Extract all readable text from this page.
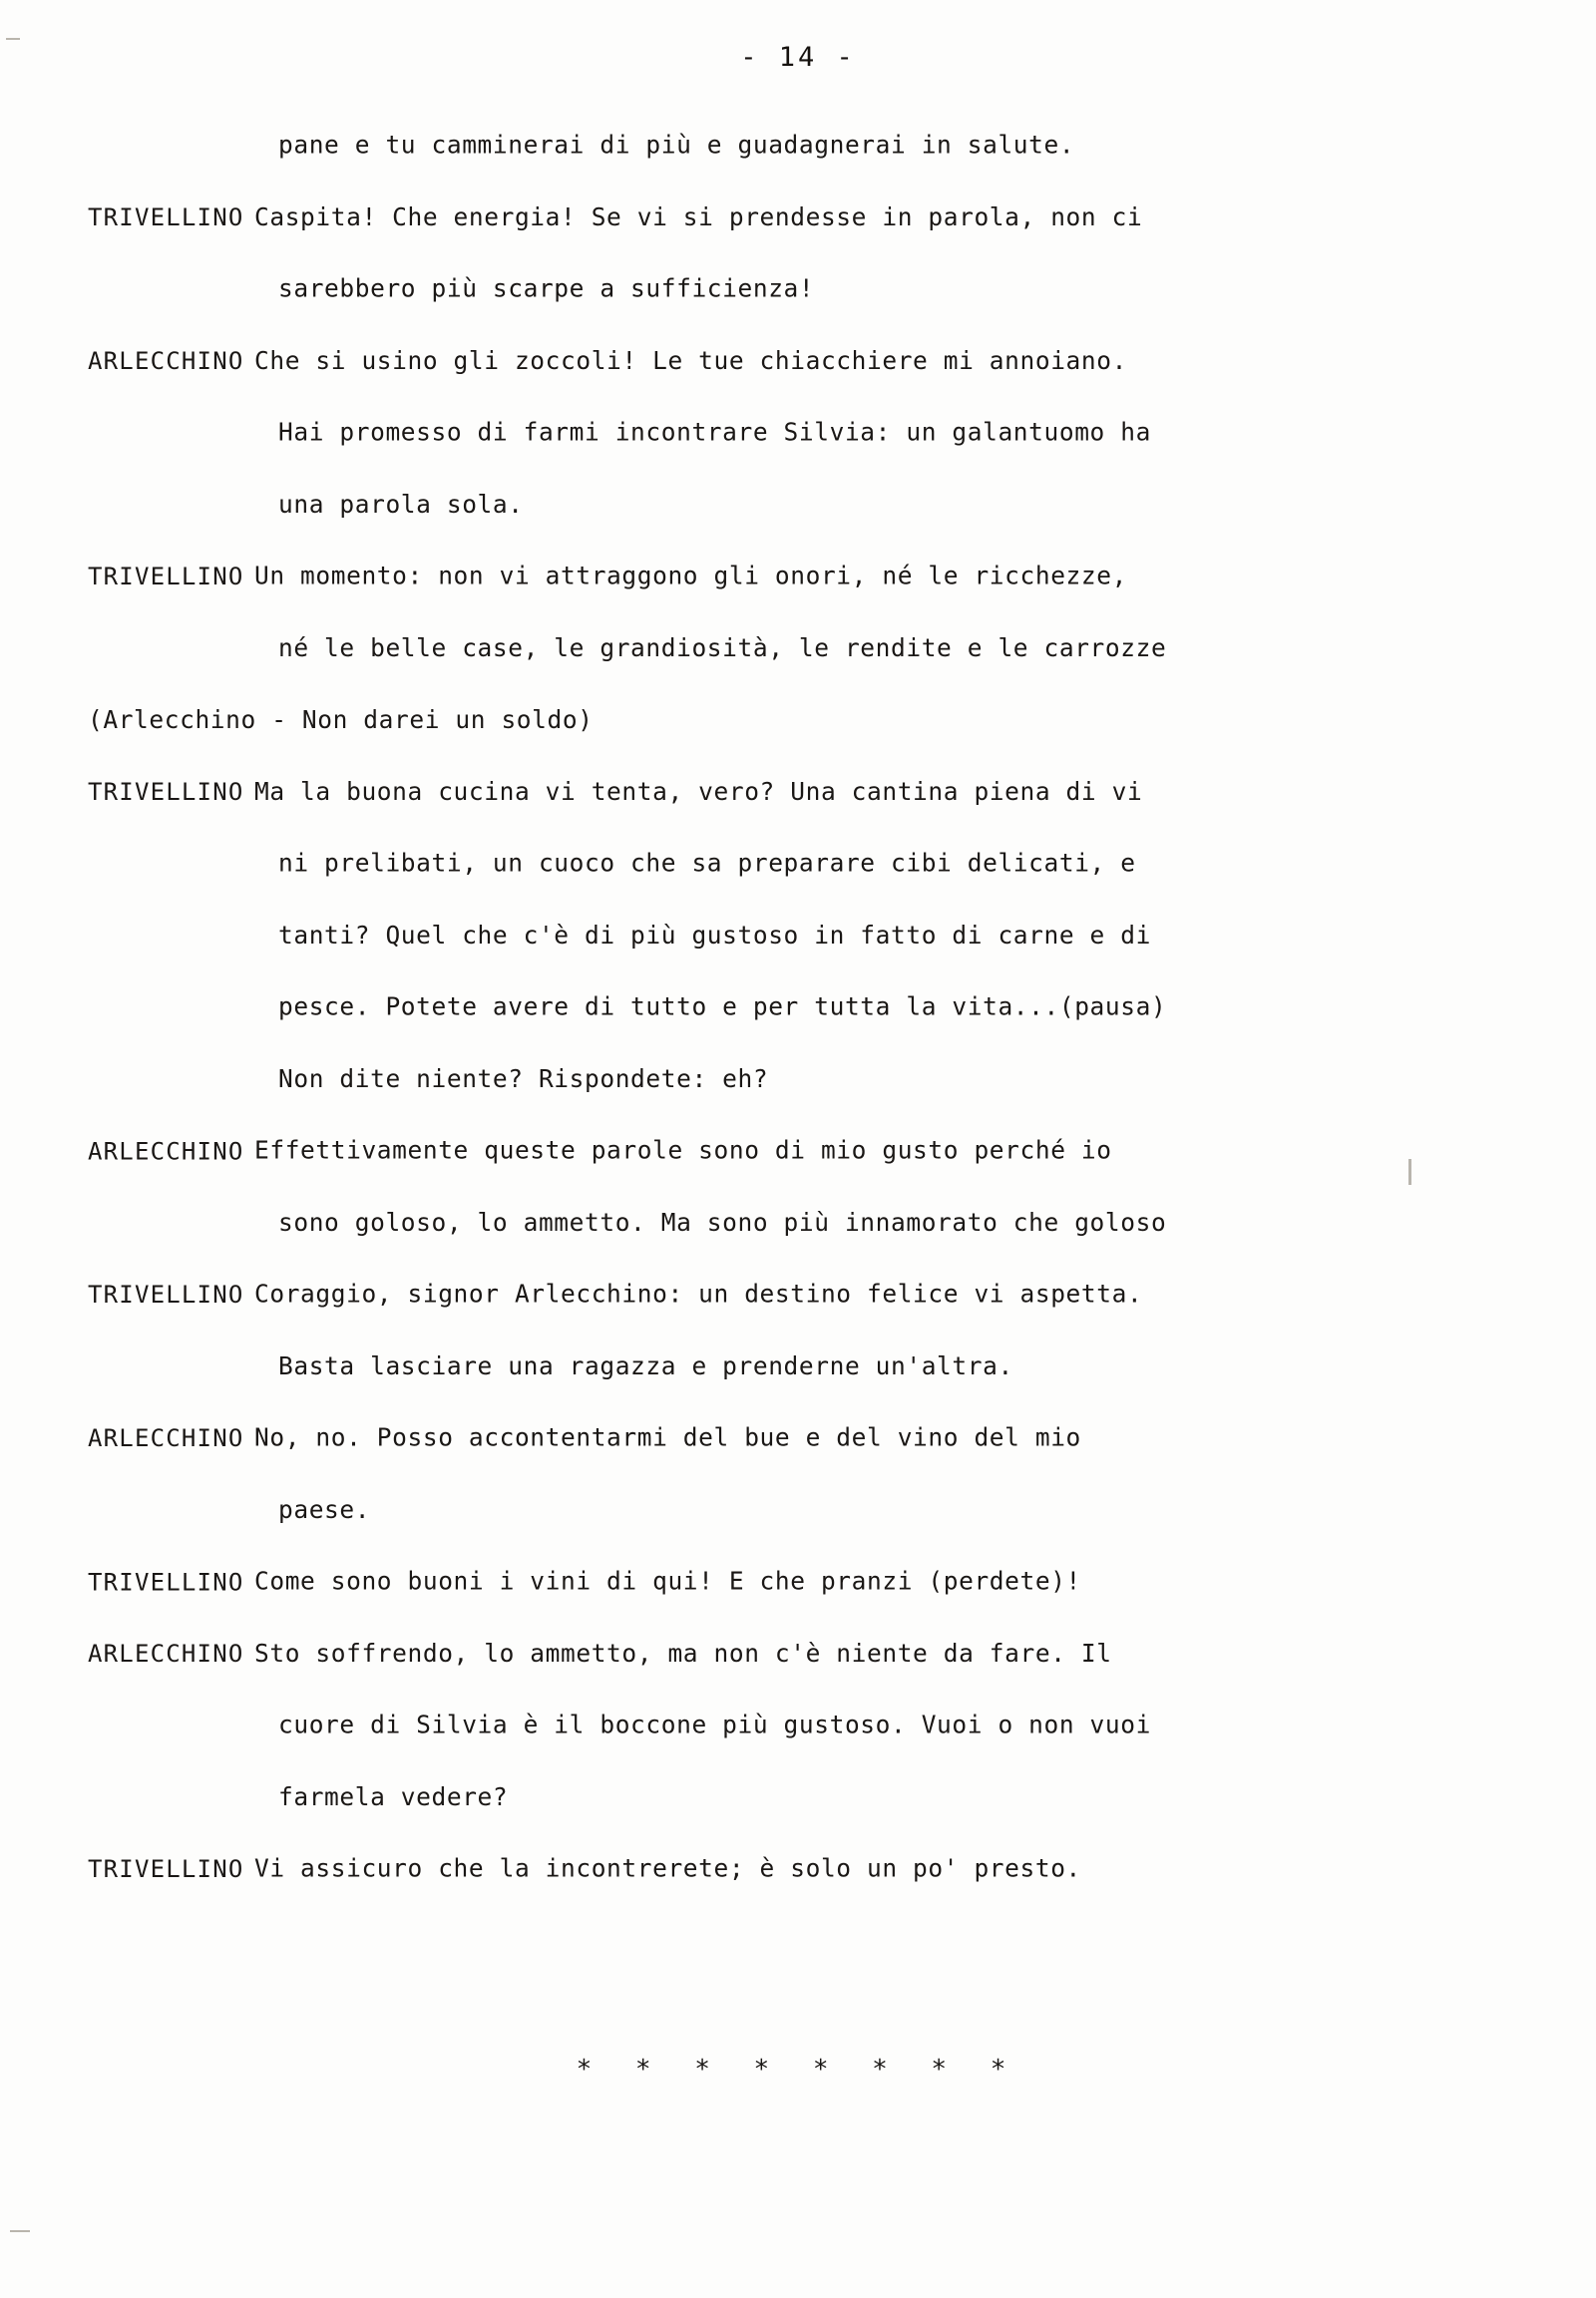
- 14 -
pane e tu camminerai di più e guadagnerai in salute.
TRIVELLINO Caspita! Che energia! Se vi si prendesse in parola, non ci
sarebbero più scarpe a sufficienza!
ARLECCHINO Che si usino gli zoccoli! Le tue chiacchiere mi annoiano.
Hai promesso di farmi incontrare Silvia: un galantuomo ha
una parola sola.
TRIVELLINO Un momento: non vi attraggono gli onori, né le ricchezze,
né le belle case, le grandiosità, le rendite e le carrozze
(Arlecchino - Non darei un soldo)
TRIVELLINO Ma la buona cucina vi tenta, vero? Una cantina piena di vi
ni prelibati, un cuoco che sa preparare cibi delicati, e
tanti? Quel che c'è di più gustoso in fatto di carne e di
pesce. Potete avere di tutto e per tutta la vita...(pausa)
Non dite niente? Rispondete: eh?
ARLECCHINO Effettivamente queste parole sono di mio gusto perché io
sono goloso, lo ammetto. Ma sono più innamorato che goloso
TRIVELLINO Coraggio, signor Arlecchino: un destino felice vi aspetta.
Basta lasciare una ragazza e prenderne un'altra.
ARLECCHINO No, no. Posso accontentarmi del bue e del vino del mio
paese.
TRIVELLINO Come sono buoni i vini di qui! E che pranzi (perdete)!
ARLECCHINO Sto soffrendo, lo ammetto, ma non c'è niente da fare. Il
cuore di Silvia è il boccone più gustoso. Vuoi o non vuoi
farmela vedere?
TRIVELLINO Vi assicuro che la incontrerete; è solo un po' presto.
* * * * * * * *
